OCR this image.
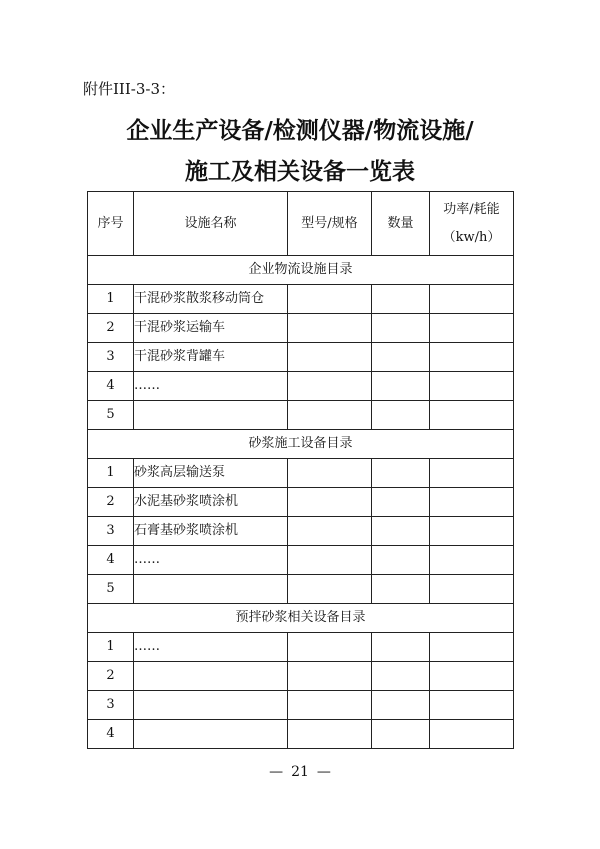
附件III-3-3：
企业生产设备/检测仪器/物流设施/
施工及相关设备一览表
序号	设施名称	型号/规格	数量	功率/耗能
（kw/h）

企业物流设施目录				
1	干混砂浆散浆移动筒仓			
2	干混砂浆运输车			
3	干混砂浆背罐车			
4	……			
5				
砂浆施工设备目录				
1	砂浆高层输送泵			
2	水泥基砂浆喷涂机			
3	石膏基砂浆喷涂机			
4	……			
5				
预拌砂浆相关设备目录				
1	……			
2				
3				
4				
— 21 —
